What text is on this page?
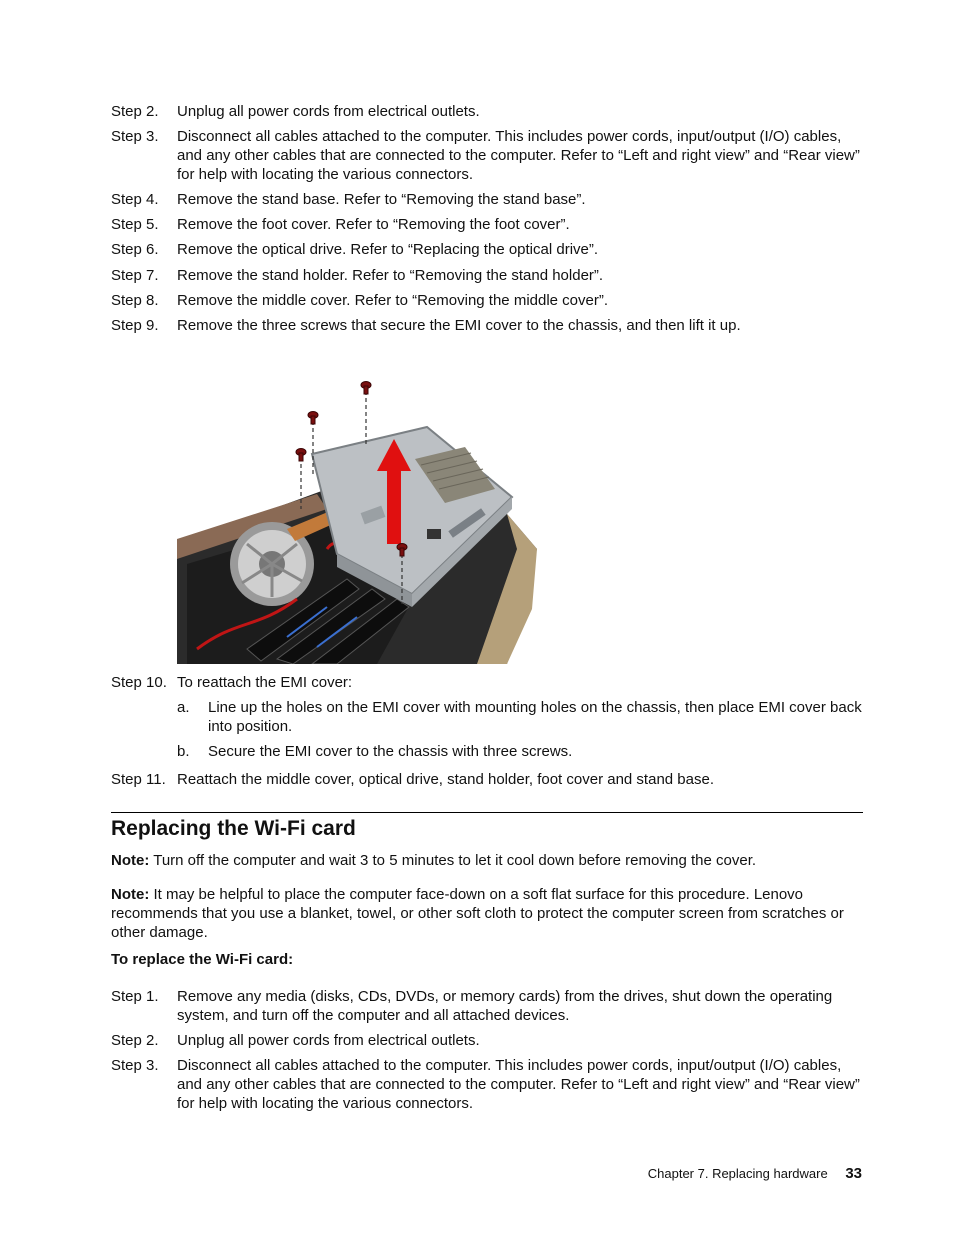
Step 2. Unplug all power cords from electrical outlets.
Step 3. Disconnect all cables attached to the computer. This includes power cords, input/output (I/O) cables, and any other cables that are connected to the computer. Refer to “Left and right view” and “Rear view” for help with locating the various connectors.
Step 4. Remove the stand base. Refer to “Removing the stand base”.
Step 5. Remove the foot cover. Refer to “Removing the foot cover”.
Step 6. Remove the optical drive. Refer to “Replacing the optical drive”.
Step 7. Remove the stand holder. Refer to “Removing the stand holder”.
Step 8. Remove the middle cover. Refer to “Removing the middle cover”.
Step 9. Remove the three screws that secure the EMI cover to the chassis, and then lift it up.
Step 10. To reattach the EMI cover:
a. Line up the holes on the EMI cover with mounting holes on the chassis, then place EMI cover back into position.
b. Secure the EMI cover to the chassis with three screws.
Step 11. Reattach the middle cover, optical drive, stand holder, foot cover and stand base.
Replacing the Wi-Fi card
Note: Turn off the computer and wait 3 to 5 minutes to let it cool down before removing the cover.
Note: It may be helpful to place the computer face-down on a soft flat surface for this procedure. Lenovo recommends that you use a blanket, towel, or other soft cloth to protect the computer screen from scratches or other damage.
To replace the Wi-Fi card:
Step 1. Remove any media (disks, CDs, DVDs, or memory cards) from the drives, shut down the operating system, and turn off the computer and all attached devices.
Step 2. Unplug all power cords from electrical outlets.
Step 3. Disconnect all cables attached to the computer. This includes power cords, input/output (I/O) cables, and any other cables that are connected to the computer. Refer to “Left and right view” and “Rear view” for help with locating the various connectors.
Chapter 7. Replacing hardware 33
